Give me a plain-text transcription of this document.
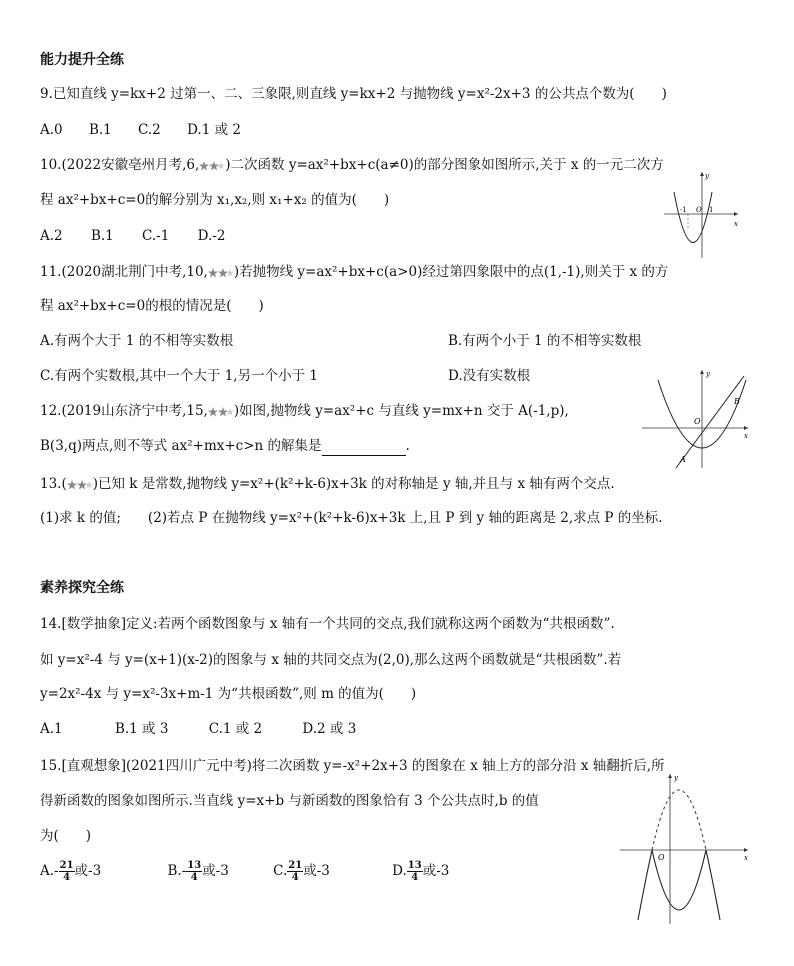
能力提升全练
9.已知直线 y=kx+2 过第一、二、三象限,则直线 y=kx+2 与抛物线 y=x²-2x+3 的公共点个数为(　　)
A.0 B.1 C.2 D.1 或 2
10.(2022安徽亳州月考,6, )二次函数 y=ax²+bx+c(a≠0)的部分图象如图所示,关于 x 的一元二次方
程 ax²+bx+c=0的解分别为 x₁,x₂,则 x₁+x₂ 的值为(　　)
A.2 B.1 C.-1 D.-2
x
y
-1 O 1
11.(2020湖北荆门中考,10, )若抛物线 y=ax²+bx+c(a>0)经过第四象限中的点(1,-1),则关于 x 的方
程 ax²+bx+c=0的根的情况是(　　)
A.有两个大于 1 的不相等实数根	B.有两个小于 1 的不相等实数根
C.有两个实数根,其中一个大于 1,另一个小于 1	D.没有实数根
12.(2019山东济宁中考,15, )如图,抛物线 y=ax²+c 与直线 y=mx+n 交于 A(-1,p),
B(3,q)两点,则不等式 ax²+mx+c>n 的解集是	.
x
y
O
A
B
13.( )已知 k 是常数,抛物线 y=x²+(k²+k-6)x+3k 的对称轴是 y 轴,并且与 x 轴有两个交点.
(1)求 k 的值;　　(2)若点 P 在抛物线 y=x²+(k²+k-6)x+3k 上,且 P 到 y 轴的距离是 2,求点 P 的坐标.
素养探究全练
14.[数学抽象]定义:若两个函数图象与 x 轴有一个共同的交点,我们就称这两个函数为“共根函数”.
如 y=x²-4 与 y=(x+1)(x-2)的图象与 x 轴的共同交点为(2,0),那么这两个函数就是“共根函数”.若
y=2x²-4x 与 y=x²-3x+m-1 为“共根函数”,则 m 的值为(　　)
A.1	B.1 或 3	C.1 或 2	D.2 或 3
15.[直观想象](2021四川广元中考)将二次函数 y=-x²+2x+3 的图象在 x 轴上方的部分沿 x 轴翻折后,所
得新函数的图象如图所示.当直线 y=x+b 与新函数的图象恰有 3 个公共点时,b 的值
为(　　)
$A.- \frac{21}{4}$ 或-3	$B.- \frac{13}{4}$ 或-3	C. $\frac{21}{4}$ 或-3	D. $\frac{13}{4}$ 或-3
x
y
O
